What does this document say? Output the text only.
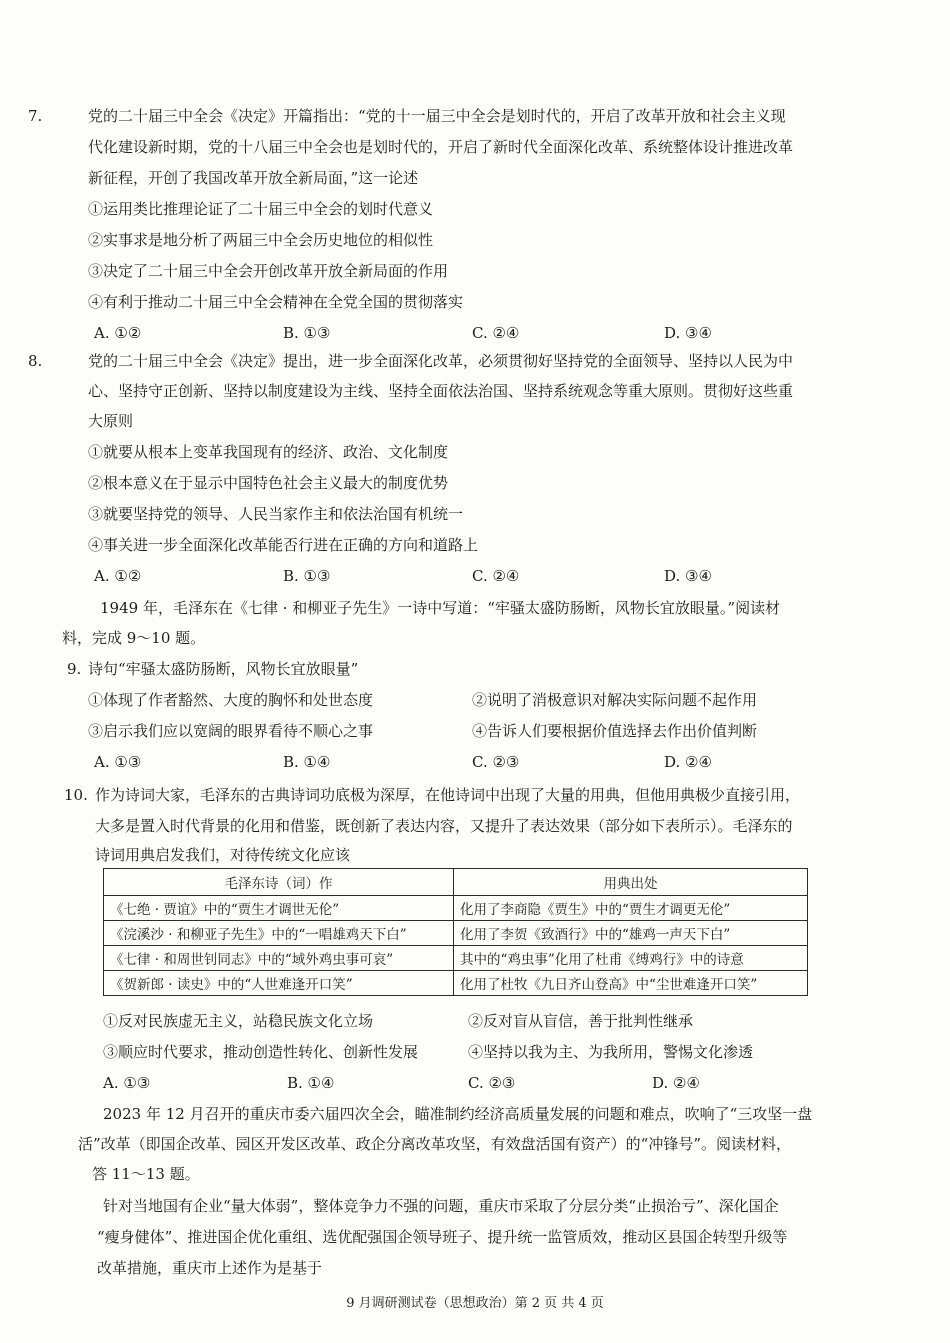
7.	党的二十届三中全会《决定》开篇指出：“党的十一届三中全会是划时代的，开启了改革开放和社会主义现
代化建设新时期，党的十八届三中全会也是划时代的，开启了新时代全面深化改革、系统整体设计推进改革
新征程，开创了我国改革开放全新局面，”这一论述
①运用类比推理论证了二十届三中全会的划时代意义
②实事求是地分析了两届三中全会历史地位的相似性
③决定了二十届三中全会开创改革开放全新局面的作用
④有利于推动二十届三中全会精神在全党全国的贯彻落实
A. ①②	B. ①③	C. ②④	D. ③④
8.	党的二十届三中全会《决定》提出，进一步全面深化改革，必须贯彻好坚持党的全面领导、坚持以人民为中
心、坚持守正创新、坚持以制度建设为主线、坚持全面依法治国、坚持系统观念等重大原则。贯彻好这些重
大原则
①就要从根本上变革我国现有的经济、政治、文化制度
②根本意义在于显示中国特色社会主义最大的制度优势
③就要坚持党的领导、人民当家作主和依法治国有机统一
④事关进一步全面深化改革能否行进在正确的方向和道路上
A. ①②	B. ①③	C. ②④	D. ③④
1949 年，毛泽东在《七律 · 和柳亚子先生》一诗中写道：“牢骚太盛防肠断，风物长宜放眼量。”阅读材
料，完成 9～10 题。
9. 诗句“牢骚太盛防肠断，风物长宜放眼量”
①体现了作者豁然、大度的胸怀和处世态度	②说明了消极意识对解决实际问题不起作用
③启示我们应以宽阔的眼界看待不顺心之事	④告诉人们要根据价值选择去作出价值判断
A. ①③	B. ①④	C. ②③	D. ②④
10. 作为诗词大家，毛泽东的古典诗词功底极为深厚，在他诗词中出现了大量的用典，但他用典极少直接引用，
大多是置入时代背景的化用和借鉴，既创新了表达内容，又提升了表达效果（部分如下表所示）。毛泽东的
诗词用典启发我们，对待传统文化应该
毛泽东诗（词）作	用典出处
《七绝 · 贾谊》中的“贾生才调世无伦”	化用了李商隐《贾生》中的“贾生才调更无伦”
《浣溪沙 · 和柳亚子先生》中的“一唱雄鸡天下白”	化用了李贺《致酒行》中的“雄鸡一声天下白”
《七律 · 和周世钊同志》中的“域外鸡虫事可哀”	其中的“鸡虫事”化用了杜甫《缚鸡行》中的诗意
《贺新郎 · 读史》中的“人世难逢开口笑”	化用了杜牧《九日齐山登高》中“尘世难逢开口笑”
①反对民族虚无主义，站稳民族文化立场	②反对盲从盲信，善于批判性继承
③顺应时代要求，推动创造性转化、创新性发展	④坚持以我为主、为我所用，警惕文化渗透
A. ①③	B. ①④	C. ②③	D. ②④
2023 年 12 月召开的重庆市委六届四次全会，瞄准制约经济高质量发展的问题和难点，吹响了“三攻坚一盘
活”改革（即国企改革、园区开发区改革、政企分离改革攻坚，有效盘活国有资产）的“冲锋号”。阅读材料，
答 11～13 题。
针对当地国有企业“量大体弱”，整体竞争力不强的问题，重庆市采取了分层分类“止损治亏”、深化国企
“瘦身健体”、推进国企优化重组、选优配强国企领导班子、提升统一监管质效，推动区县国企转型升级等
改革措施，重庆市上述作为是基于
9 月调研测试卷（思想政治）第 2 页 共 4 页
